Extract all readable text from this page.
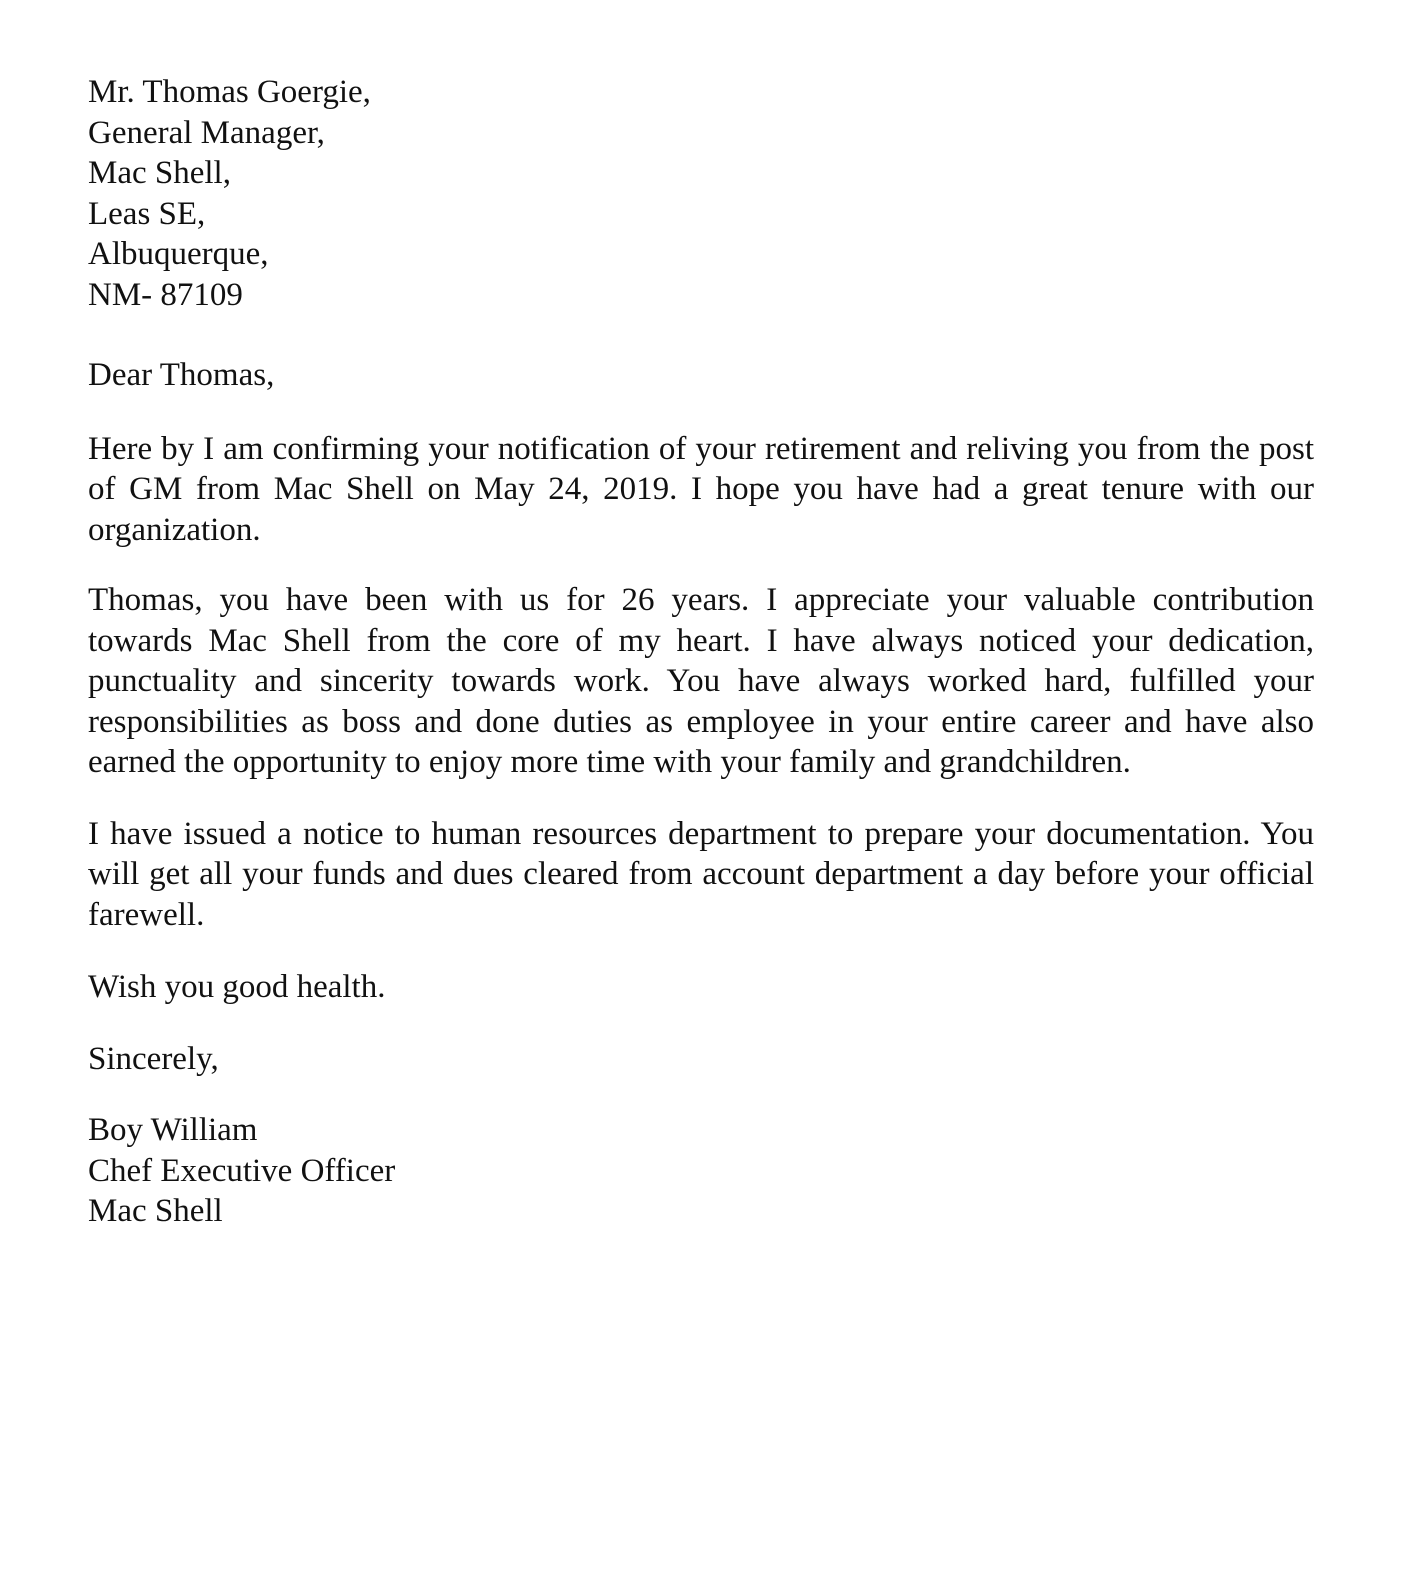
Mr. Thomas Goergie,
General Manager,
Mac Shell,
Leas SE,
Albuquerque,
NM- 87109
Dear Thomas,

Here by I am confirming your notification of your retirement and reliving you from the post of GM from Mac Shell on May 24, 2019. I hope you have had a great tenure with our organization.

Thomas, you have been with us for 26 years. I appreciate your valuable contribution towards Mac Shell from the core of my heart. I have always noticed your dedication, punctuality and sincerity towards work. You have always worked hard, fulfilled your responsibilities as boss and done duties as employee in your entire career and have also earned the opportunity to enjoy more time with your family and grandchildren.

I have issued a notice to human resources department to prepare your documentation. You will get all your funds and dues cleared from account department a day before your official farewell.

Wish you good health.
Sincerely,
Boy William
Chef Executive Officer
Mac Shell
